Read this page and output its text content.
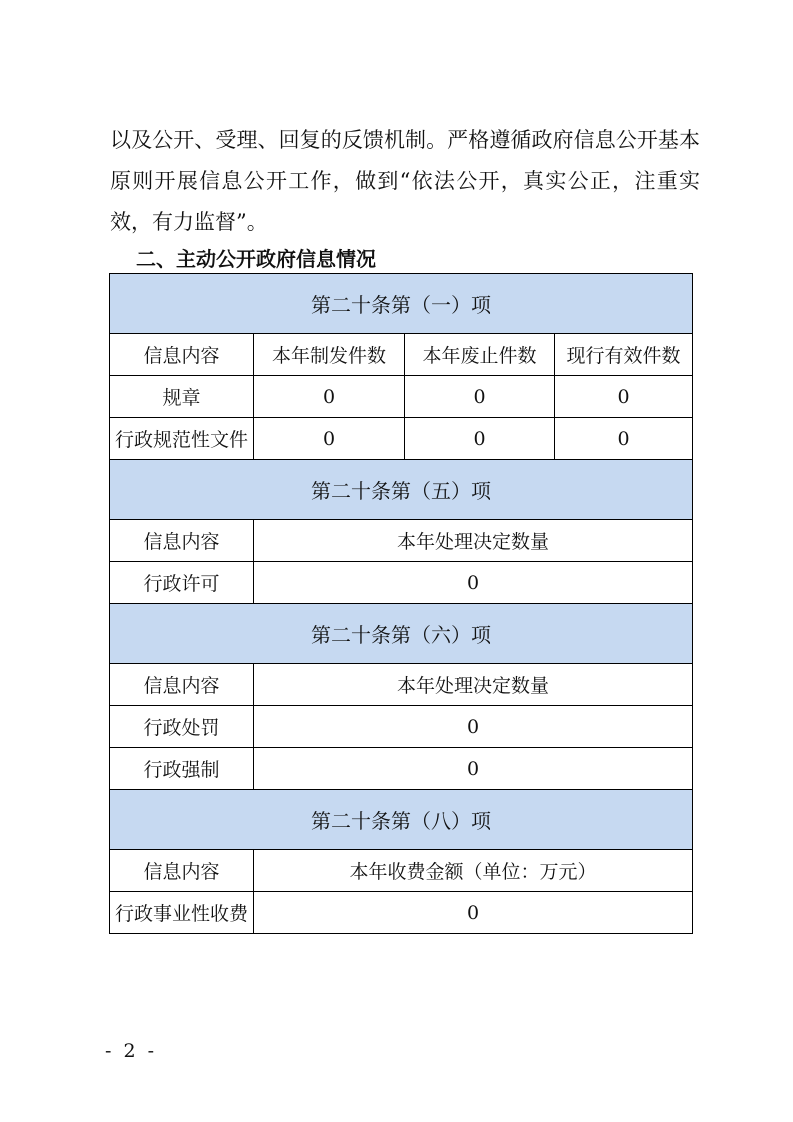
以及公开、受理、回复的反馈机制。严格遵循政府信息公开基本原则开展信息公开工作，做到“依法公开，真实公正，注重实效，有力监督”。

二、主动公开政府信息情况
第二十条第（一）项			
信息内容	本年制发件数	本年废止件数	现行有效件数
规章	0	0	0
行政规范性文件	0	0	0
第二十条第（五）项			
信息内容	本年处理决定数量		
行政许可	0		
第二十条第（六）项			
信息内容	本年处理决定数量		
行政处罚	0		
行政强制	0		
第二十条第（八）项			
信息内容	本年收费金额（单位：万元）		
行政事业性收费	0		

- 2 -
